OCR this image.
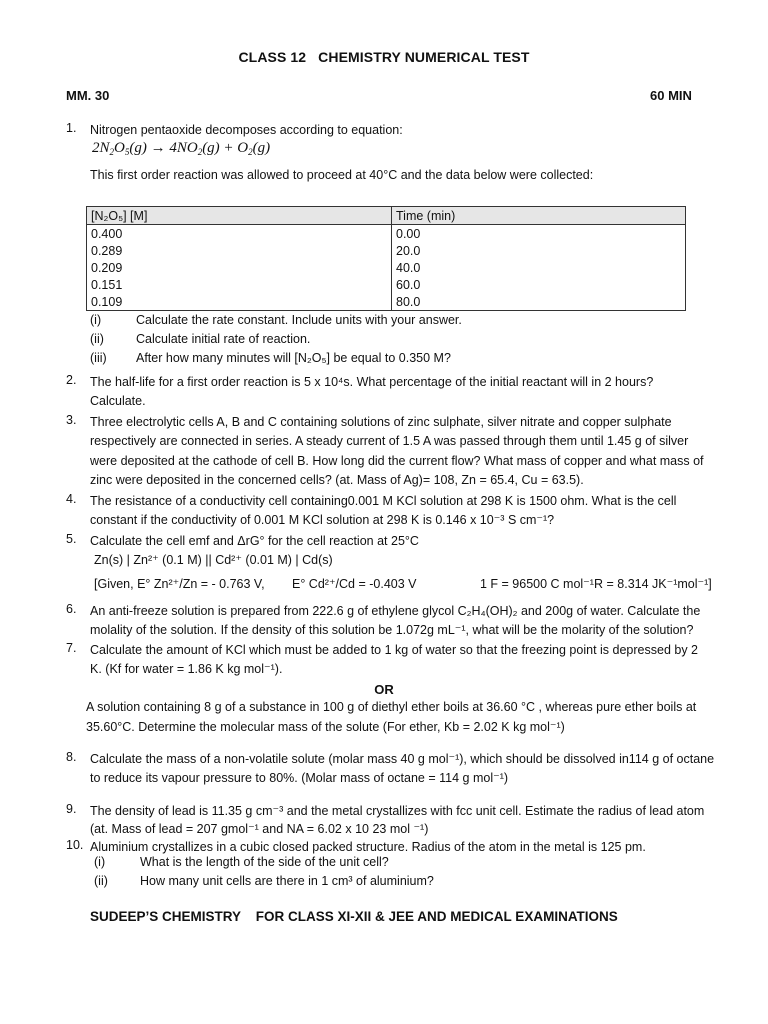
CLASS 12   CHEMISTRY NUMERICAL TEST
MM. 30	60 MIN
1. Nitrogen pentaoxide decomposes according to equation:
$2N_2O_5(g) \to 4NO_2(g) + O_2(g)$
This first order reaction was allowed to proceed at 40°C and the data below were collected:
[N₂O₅] [M]	Time (min)
0.400	0.00
0.289	20.0
0.209	40.0
0.151	60.0
0.109	80.0
(i)	Calculate the rate constant. Include units with your answer.
(ii)	Calculate initial rate of reaction.
(iii) After how many minutes will [N₂O₅] be equal to 0.350 M?
2. The half-life for a first order reaction is 5 x 10⁴s. What percentage of the initial reactant will in 2 hours?
Calculate.
3. Three electrolytic cells A, B and C containing solutions of zinc sulphate, silver nitrate and copper sulphate
respectively are connected in series. A steady current of 1.5 A was passed through them until 1.45 g of silver
were deposited at the cathode of cell B. How long did the current flow? What mass of copper and what mass of
zinc were deposited in the concerned cells? (at. Mass of Ag)= 108, Zn = 65.4, Cu = 63.5).
4. The resistance of a conductivity cell containing0.001 M KCl solution at 298 K is 1500 ohm. What is the cell
constant if the conductivity of 0.001 M KCl solution at 298 K is 0.146 x 10⁻³ S cm⁻¹?
5. Calculate the cell emf and ΔrG° for the cell reaction at 25°C
Zn(s) | Zn²⁺ (0.1 M) || Cd²⁺ (0.01 M) | Cd(s)
[Given, E° Zn²⁺/Zn = - 0.763 V, E° Cd²⁺/Cd = -0.403 V	1 F = 96500 C mol⁻¹ R = 8.314 JK⁻¹mol⁻¹]
6. An anti-freeze solution is prepared from 222.6 g of ethylene glycol C₂H₄(OH)₂ and 200g of water. Calculate the
molality of the solution. If the density of this solution be 1.072g mL⁻¹, what will be the molarity of the solution?
7. Calculate the amount of KCl which must be added to 1 kg of water so that the freezing point is depressed by 2
K. (Kf for water = 1.86 K kg mol⁻¹).
OR
A solution containing 8 g of a substance in 100 g of diethyl ether boils at 36.60 °C , whereas pure ether boils at
35.60°C. Determine the molecular mass of the solute (For ether, Kb = 2.02 K kg mol⁻¹)
8. Calculate the mass of a non-volatile solute (molar mass 40 g mol⁻¹), which should be dissolved in114 g of octane
to reduce its vapour pressure to 80%. (Molar mass of octane = 114 g mol⁻¹)
9. The density of lead is 11.35 g cm⁻³ and the metal crystallizes with fcc unit cell. Estimate the radius of lead atom
(at. Mass of lead = 207 gmol⁻¹ and NA = 6.02 x 10 23 mol ⁻¹)
10. Aluminium crystallizes in a cubic closed packed structure. Radius of the atom in the metal is 125 pm.
(i)	What is the length of the side of the unit cell?
(ii)	How many unit cells are there in 1 cm³ of aluminium?
SUDEEP’S CHEMISTRY    FOR CLASS XI-XII & JEE AND MEDICAL EXAMINATIONS
